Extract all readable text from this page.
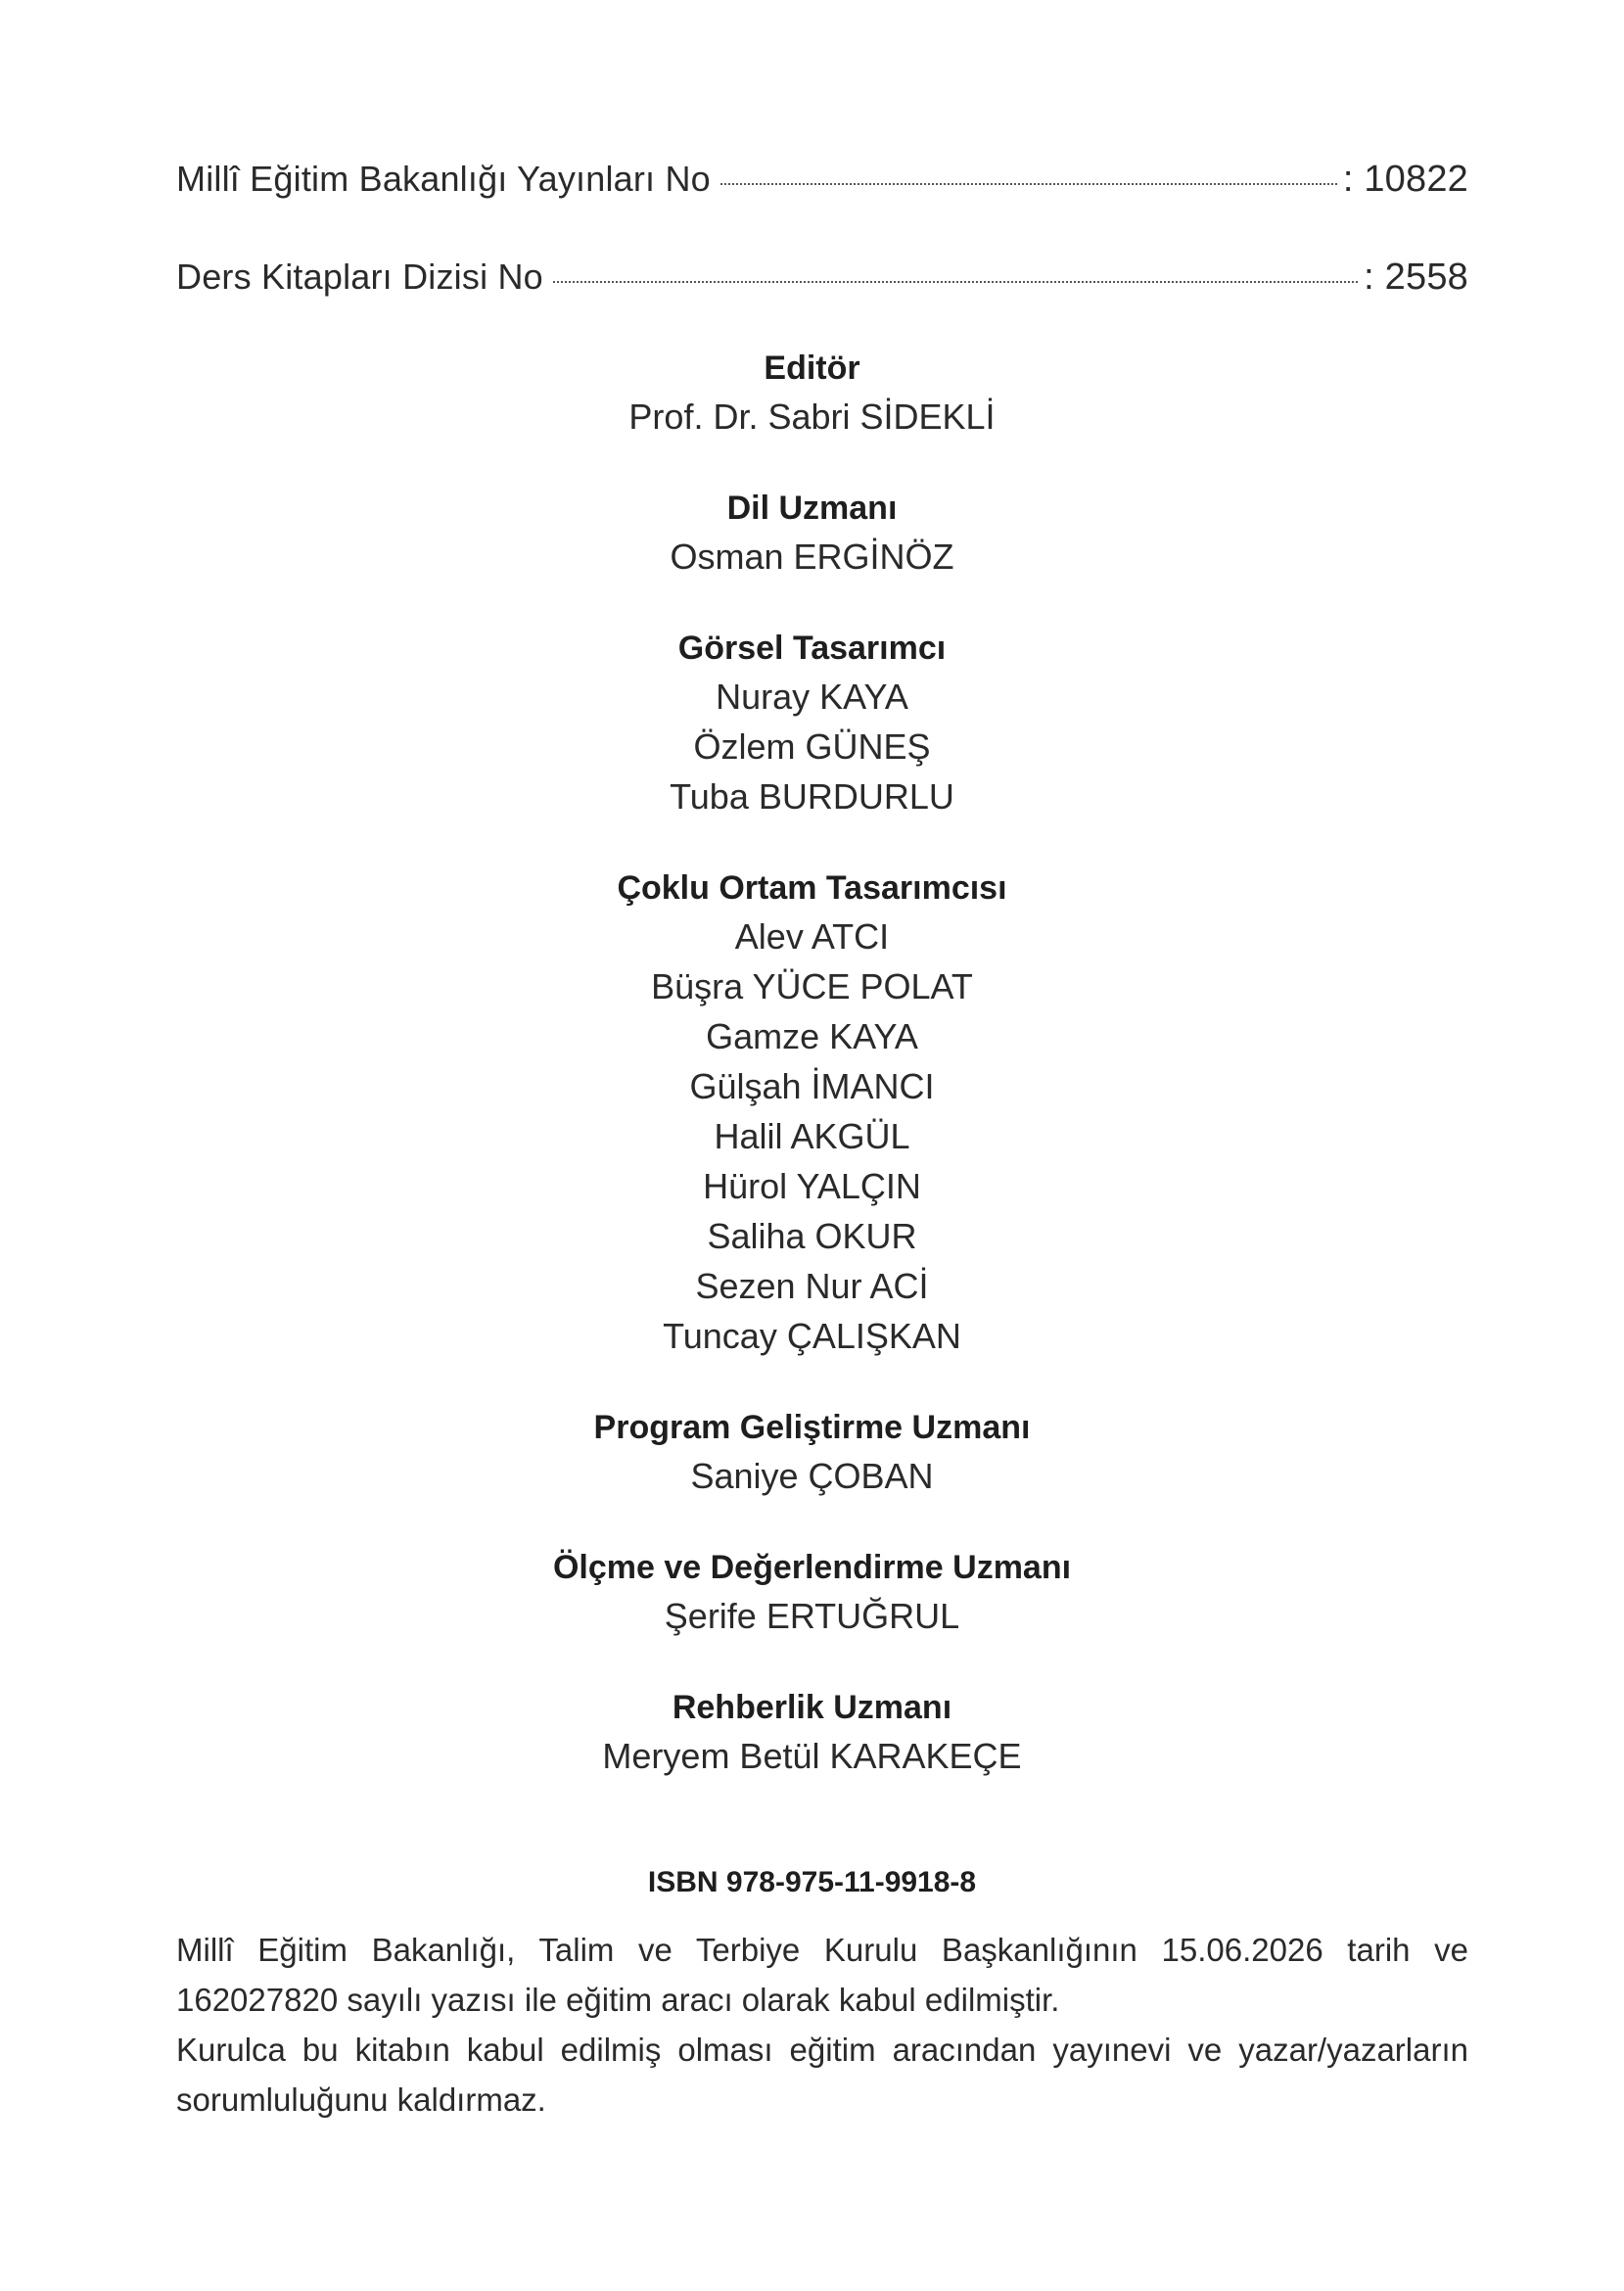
Millî Eğitim Bakanlığı Yayınları No	: 10822
Ders Kitapları Dizisi No	: 2558
Editör
Prof. Dr. Sabri SİDEKLİ
Dil Uzmanı
Osman ERGİNÖZ
Görsel Tasarımcı
Nuray KAYA
Özlem GÜNEŞ
Tuba BURDURLU
Çoklu Ortam Tasarımcısı
Alev ATCI
Büşra YÜCE POLAT
Gamze KAYA
Gülşah İMANCI
Halil AKGÜL
Hürol YALÇIN
Saliha OKUR
Sezen Nur ACİ
Tuncay ÇALIŞKAN
Program Geliştirme Uzmanı
Saniye ÇOBAN
Ölçme ve Değerlendirme Uzmanı
Şerife ERTUĞRUL
Rehberlik Uzmanı
Meryem Betül KARAKEÇE
ISBN 978-975-11-9918-8

Millî Eğitim Bakanlığı, Talim ve Terbiye Kurulu Başkanlığının 15.06.2026 tarih ve 162027820 sayılı yazısı ile eğitim aracı olarak kabul edilmiştir.

Kurulca bu kitabın kabul edilmiş olması eğitim aracından yayınevi ve yazar/yazarların sorumluluğunu kaldırmaz.
